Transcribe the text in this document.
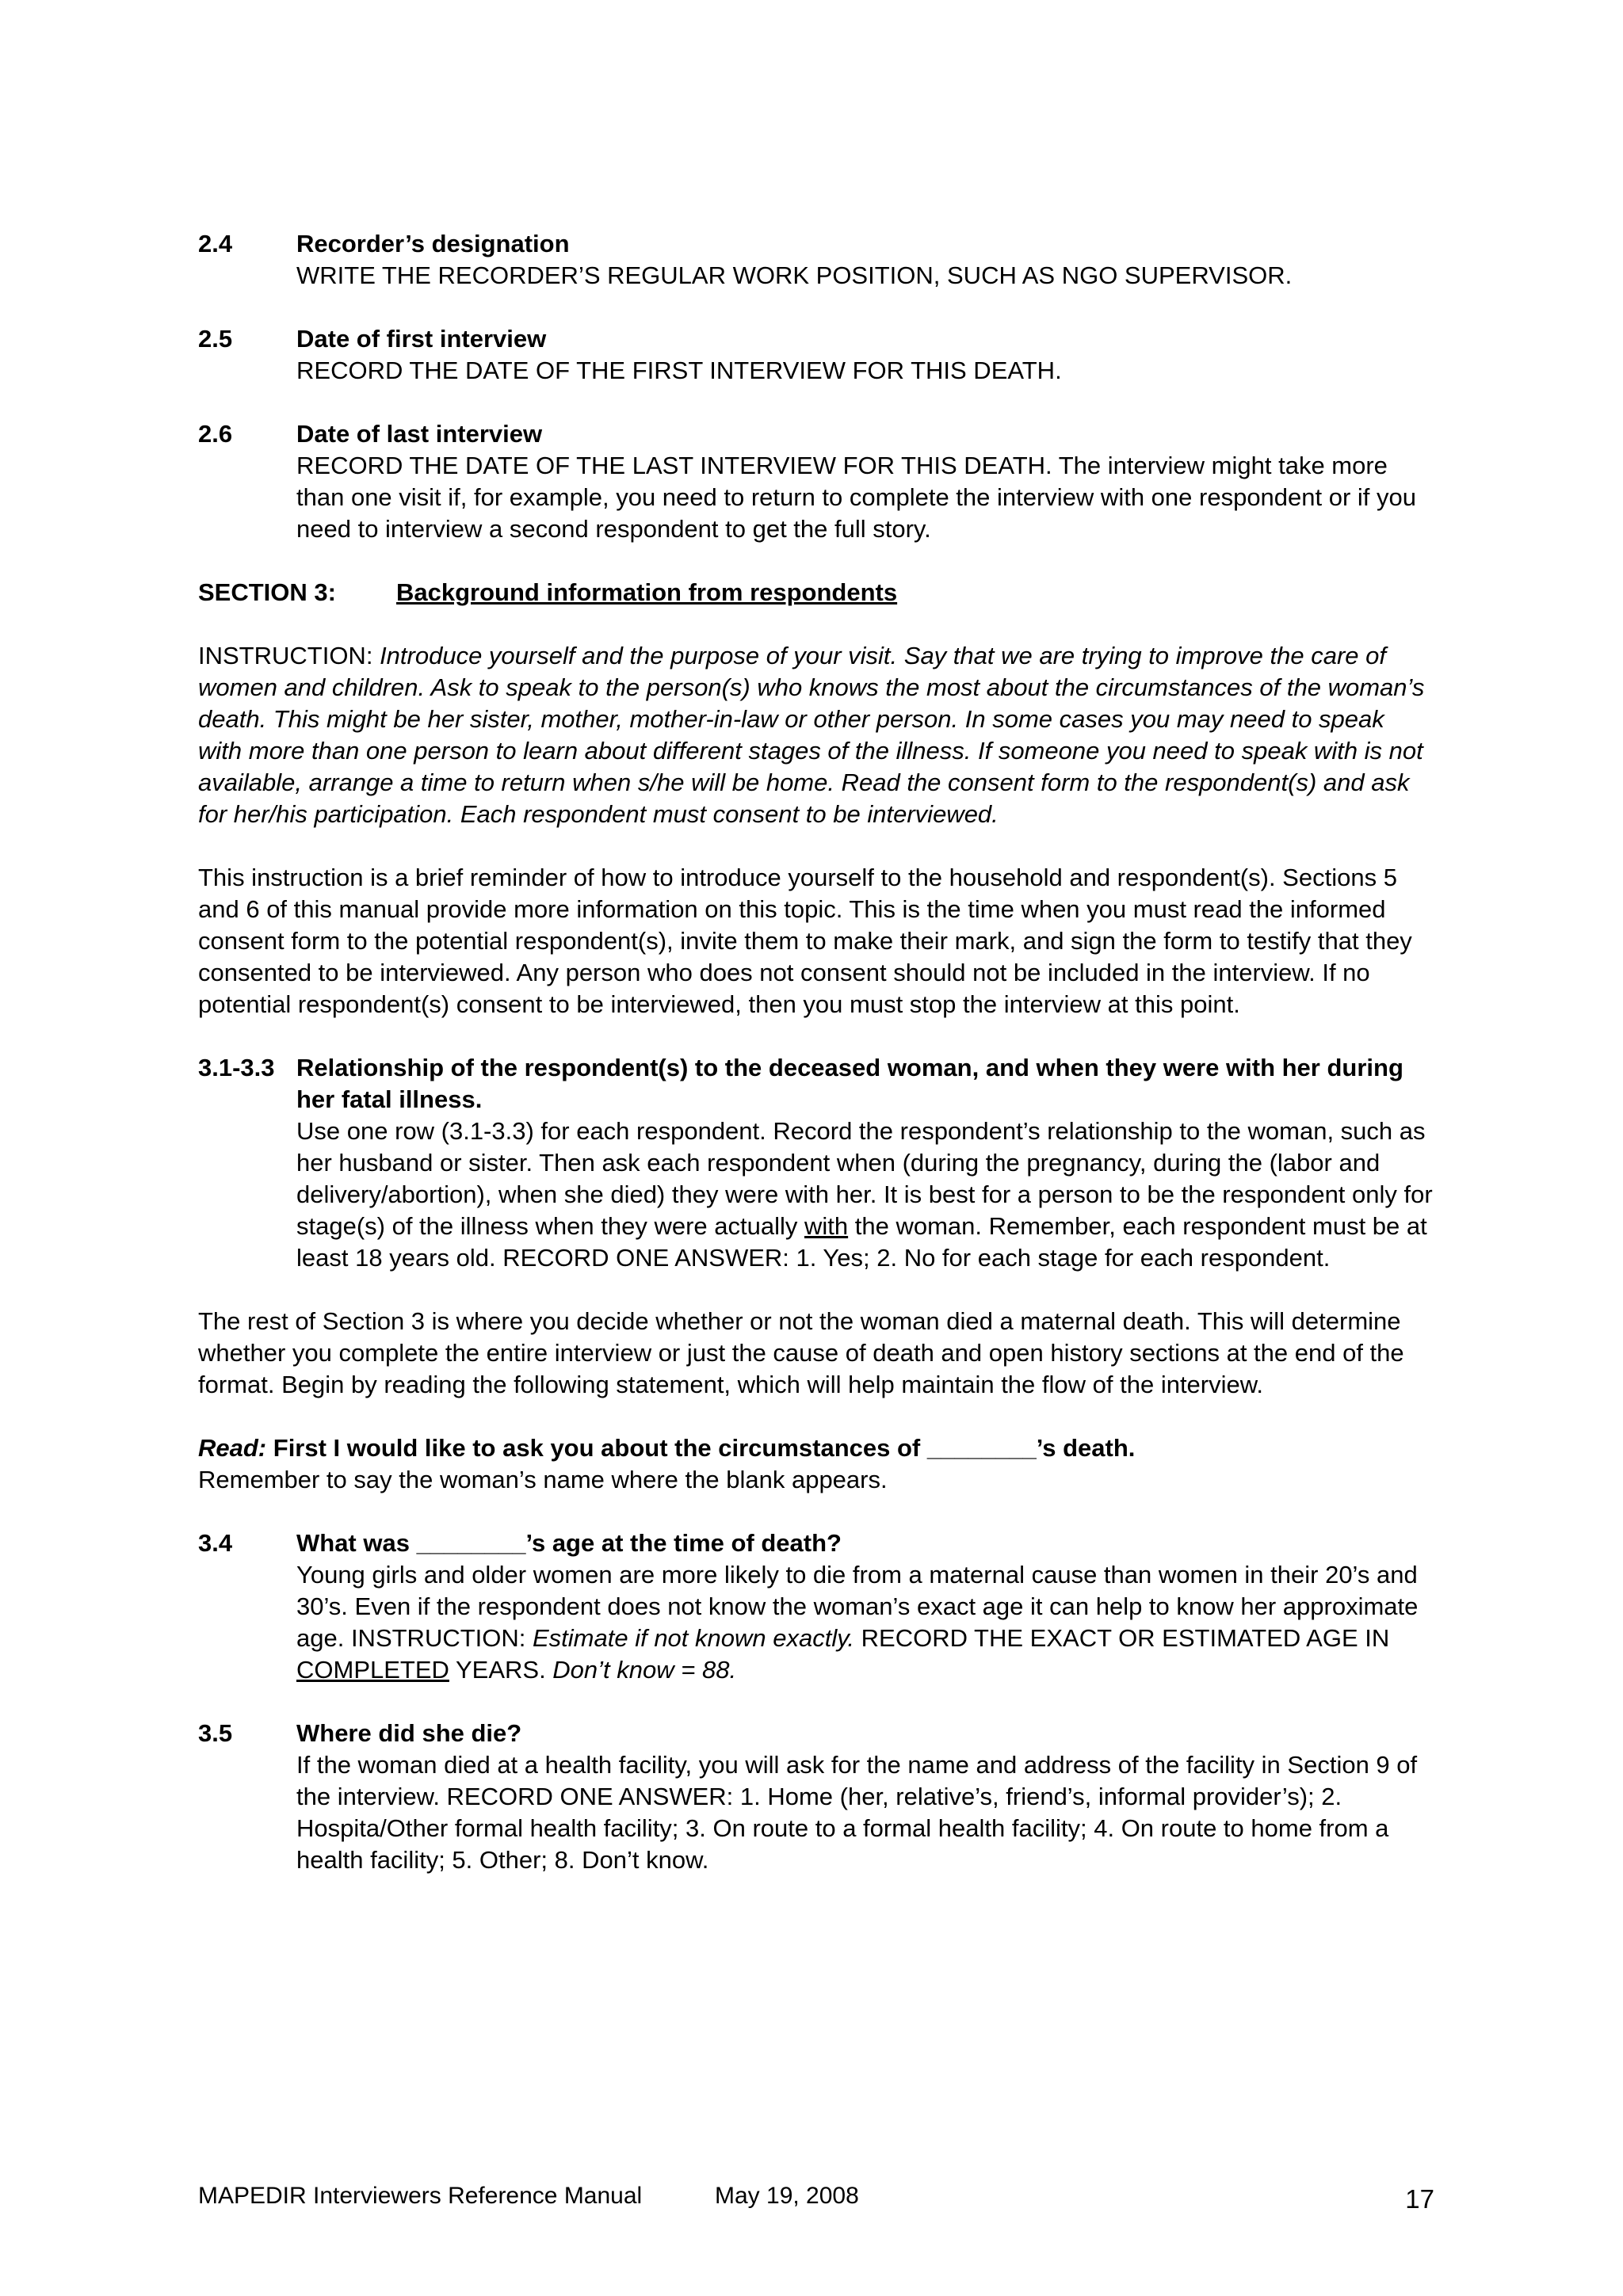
2.4	Recorder’s designation
WRITE THE RECORDER’S REGULAR WORK POSITION, SUCH AS NGO SUPERVISOR.
2.5	Date of first interview
RECORD THE DATE OF THE FIRST INTERVIEW FOR THIS DEATH.
2.6	Date of last interview
RECORD THE DATE OF THE LAST INTERVIEW FOR THIS DEATH. The interview might take more than one visit if, for example, you need to return to complete the interview with one respondent or if you need to interview a second respondent to get the full story.
SECTION 3:	Background information from respondents
INSTRUCTION: Introduce yourself and the purpose of your visit. Say that we are trying to improve the care of women and children. Ask to speak to the person(s) who knows the most about the circumstances of the woman’s death. This might be her sister, mother, mother-in-law or other person. In some cases you may need to speak with more than one person to learn about different stages of the illness. If someone you need to speak with is not available, arrange a time to return when s/he will be home. Read the consent form to the respondent(s) and ask for her/his participation. Each respondent must consent to be interviewed.
This instruction is a brief reminder of how to introduce yourself to the household and respondent(s). Sections 5 and 6 of this manual provide more information on this topic. This is the time when you must read the informed consent form to the potential respondent(s), invite them to make their mark, and sign the form to testify that they consented to be interviewed. Any person who does not consent should not be included in the interview. If no potential respondent(s) consent to be interviewed, then you must stop the interview at this point.
3.1-3.3 Relationship of the respondent(s) to the deceased woman, and when they were with her during her fatal illness.
Use one row (3.1-3.3) for each respondent. Record the respondent’s relationship to the woman, such as her husband or sister. Then ask each respondent when (during the pregnancy, during the (labor and delivery/abortion), when she died) they were with her. It is best for a person to be the respondent only for stage(s) of the illness when they were actually with the woman. Remember, each respondent must be at least 18 years old. RECORD ONE ANSWER: 1. Yes; 2. No for each stage for each respondent.
The rest of Section 3 is where you decide whether or not the woman died a maternal death. This will determine whether you complete the entire interview or just the cause of death and open history sections at the end of the format. Begin by reading the following statement, which will help maintain the flow of the interview.
Read: First I would like to ask you about the circumstances of ________’s death.
Remember to say the woman’s name where the blank appears.
3.4	What was ________’s age at the time of death?
Young girls and older women are more likely to die from a maternal cause than women in their 20’s and 30’s. Even if the respondent does not know the woman’s exact age it can help to know her approximate age. INSTRUCTION: Estimate if not known exactly. RECORD THE EXACT OR ESTIMATED AGE IN COMPLETED YEARS. Don’t know = 88.
3.5	Where did she die?
If the woman died at a health facility, you will ask for the name and address of the facility in Section 9 of the interview. RECORD ONE ANSWER: 1. Home (her, relative’s, friend’s, informal provider’s); 2. Hospita/Other formal health facility; 3. On route to a formal health facility; 4. On route to home from a health facility; 5. Other; 8. Don’t know.
MAPEDIR Interviewers Reference Manual	May 19, 2008	17
